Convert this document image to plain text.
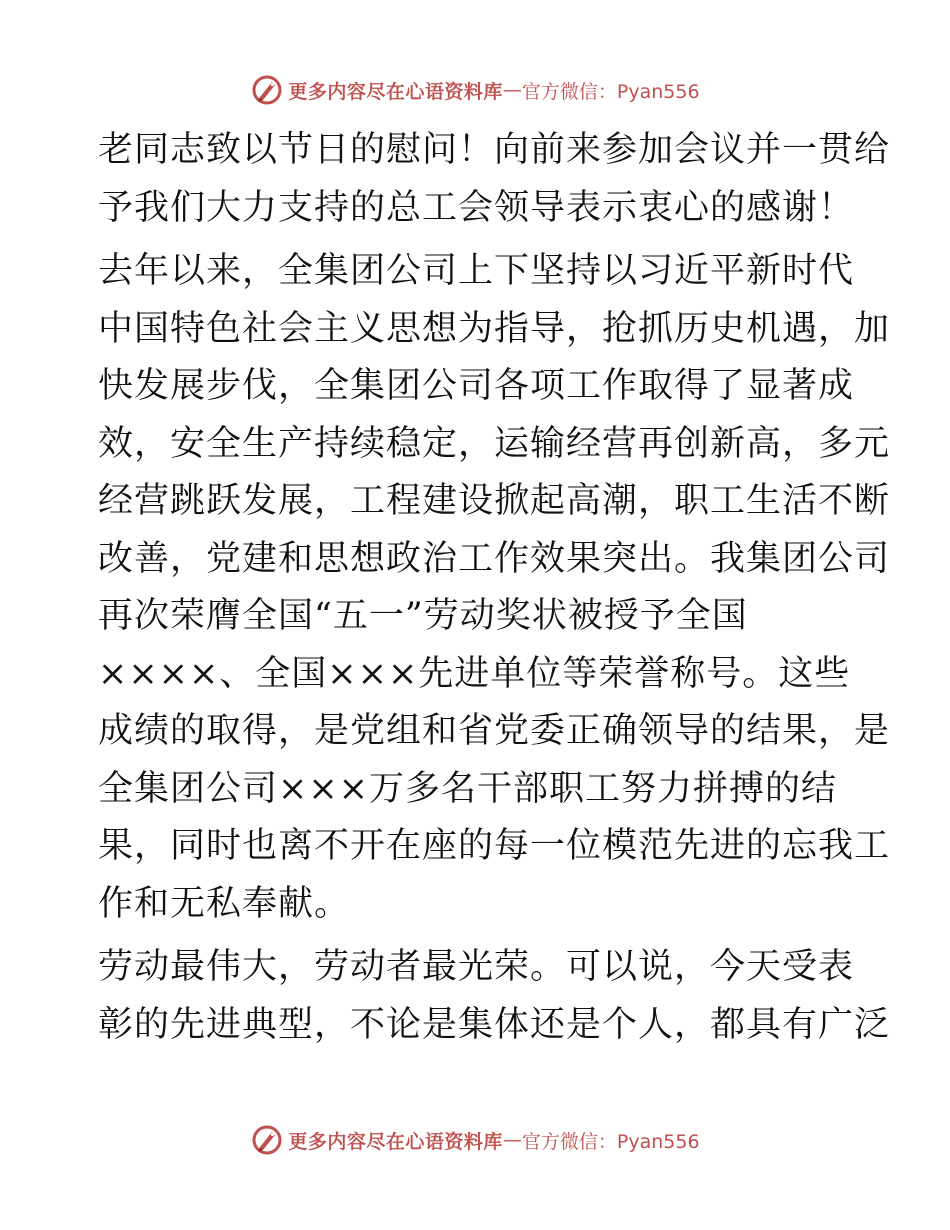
更多内容尽在心语资料库 — 官方微信：Pyan556
老同志致以节日的慰问！向前来参加会议并一贯给
予我们大力支持的总工会领导表示衷心的感谢！
去年以来，全集团公司上下坚持以习近平新时代
中国特色社会主义思想为指导，抢抓历史机遇，加
快发展步伐，全集团公司各项工作取得了显著成
效，安全生产持续稳定，运输经营再创新高，多元
经营跳跃发展，工程建设掀起高潮，职工生活不断
改善，党建和思想政治工作效果突出。我集团公司
再次荣膺全国“五一”劳动奖状被授予全国
××××、全国×××先进单位等荣誉称号。这些
成绩的取得，是党组和省党委正确领导的结果，是
全集团公司×××万多名干部职工努力拼搏的结
果，同时也离不开在座的每一位模范先进的忘我工
作和无私奉献。
劳动最伟大，劳动者最光荣。可以说，今天受表
彰的先进典型，不论是集体还是个人，都具有广泛
更多内容尽在心语资料库 — 官方微信：Pyan556
